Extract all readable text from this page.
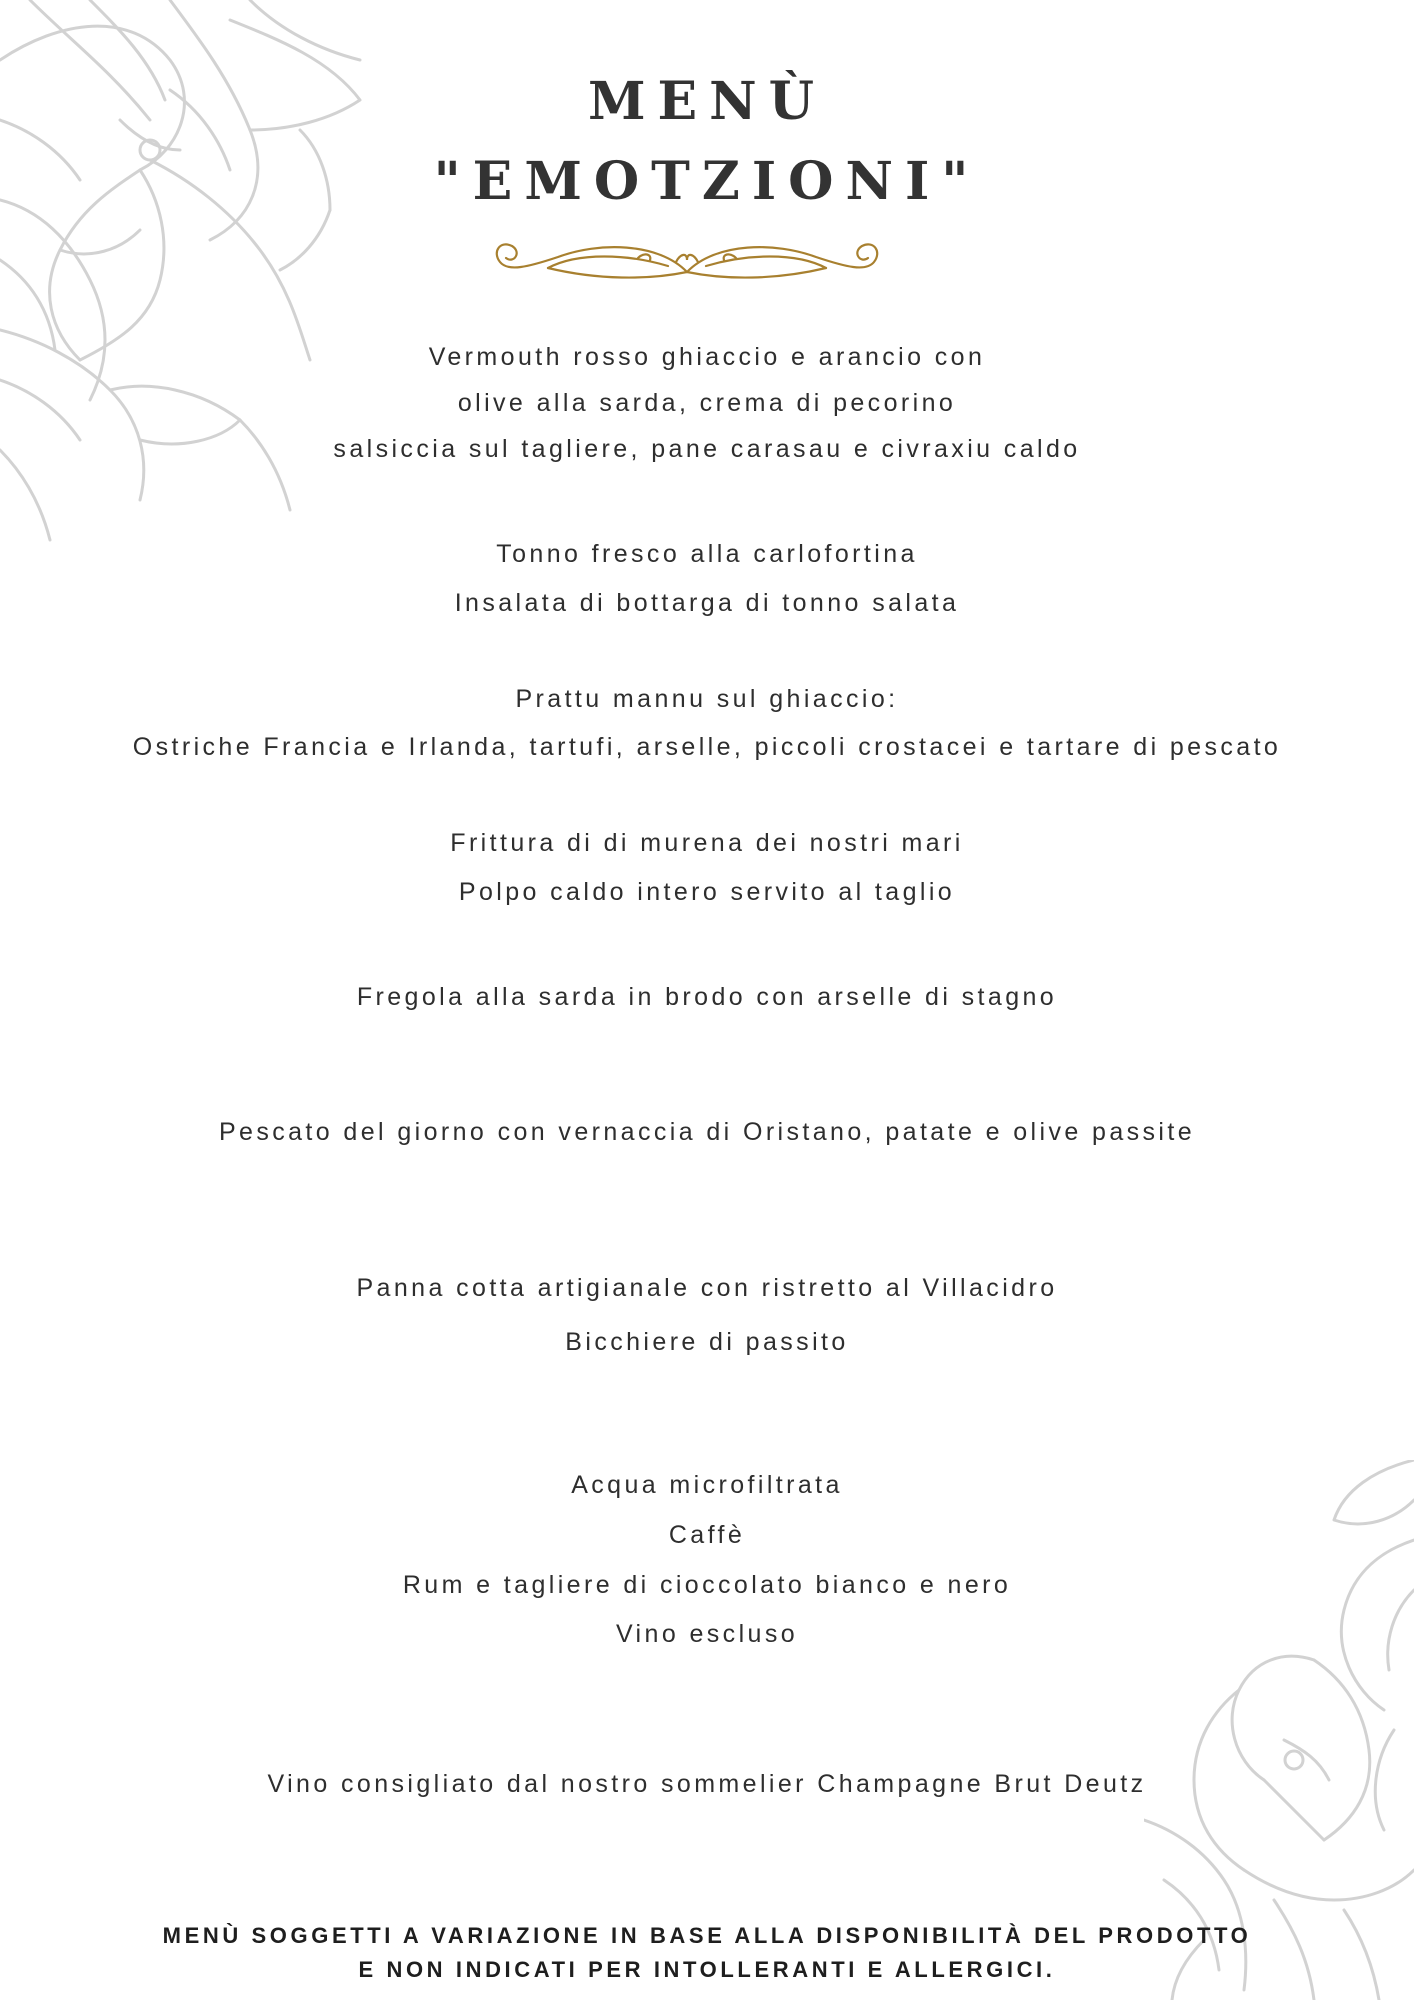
MENÙ

"EMOTZIONI"

Vermouth rosso ghiaccio e arancio con

olive alla sarda, crema di pecorino

salsiccia sul tagliere, pane carasau e civraxiu caldo

Tonno fresco alla carlofortina

Insalata di bottarga di tonno salata

Prattu mannu sul ghiaccio:

Ostriche Francia e Irlanda, tartufi, arselle, piccoli crostacei e tartare di pescato

Frittura di di murena dei nostri mari

Polpo caldo intero servito al taglio

Fregola alla sarda in brodo con arselle di stagno

Pescato del giorno con vernaccia di Oristano, patate e olive passite

Panna cotta artigianale con ristretto al Villacidro

Bicchiere di passito

Acqua microfiltrata

Caffè

Rum e tagliere di cioccolato bianco e nero

Vino escluso

Vino consigliato dal nostro sommelier Champagne Brut Deutz

MENÙ SOGGETTI A VARIAZIONE IN BASE ALLA DISPONIBILITÀ DEL PRODOTTO

E NON INDICATI PER INTOLLERANTI E ALLERGICI.
